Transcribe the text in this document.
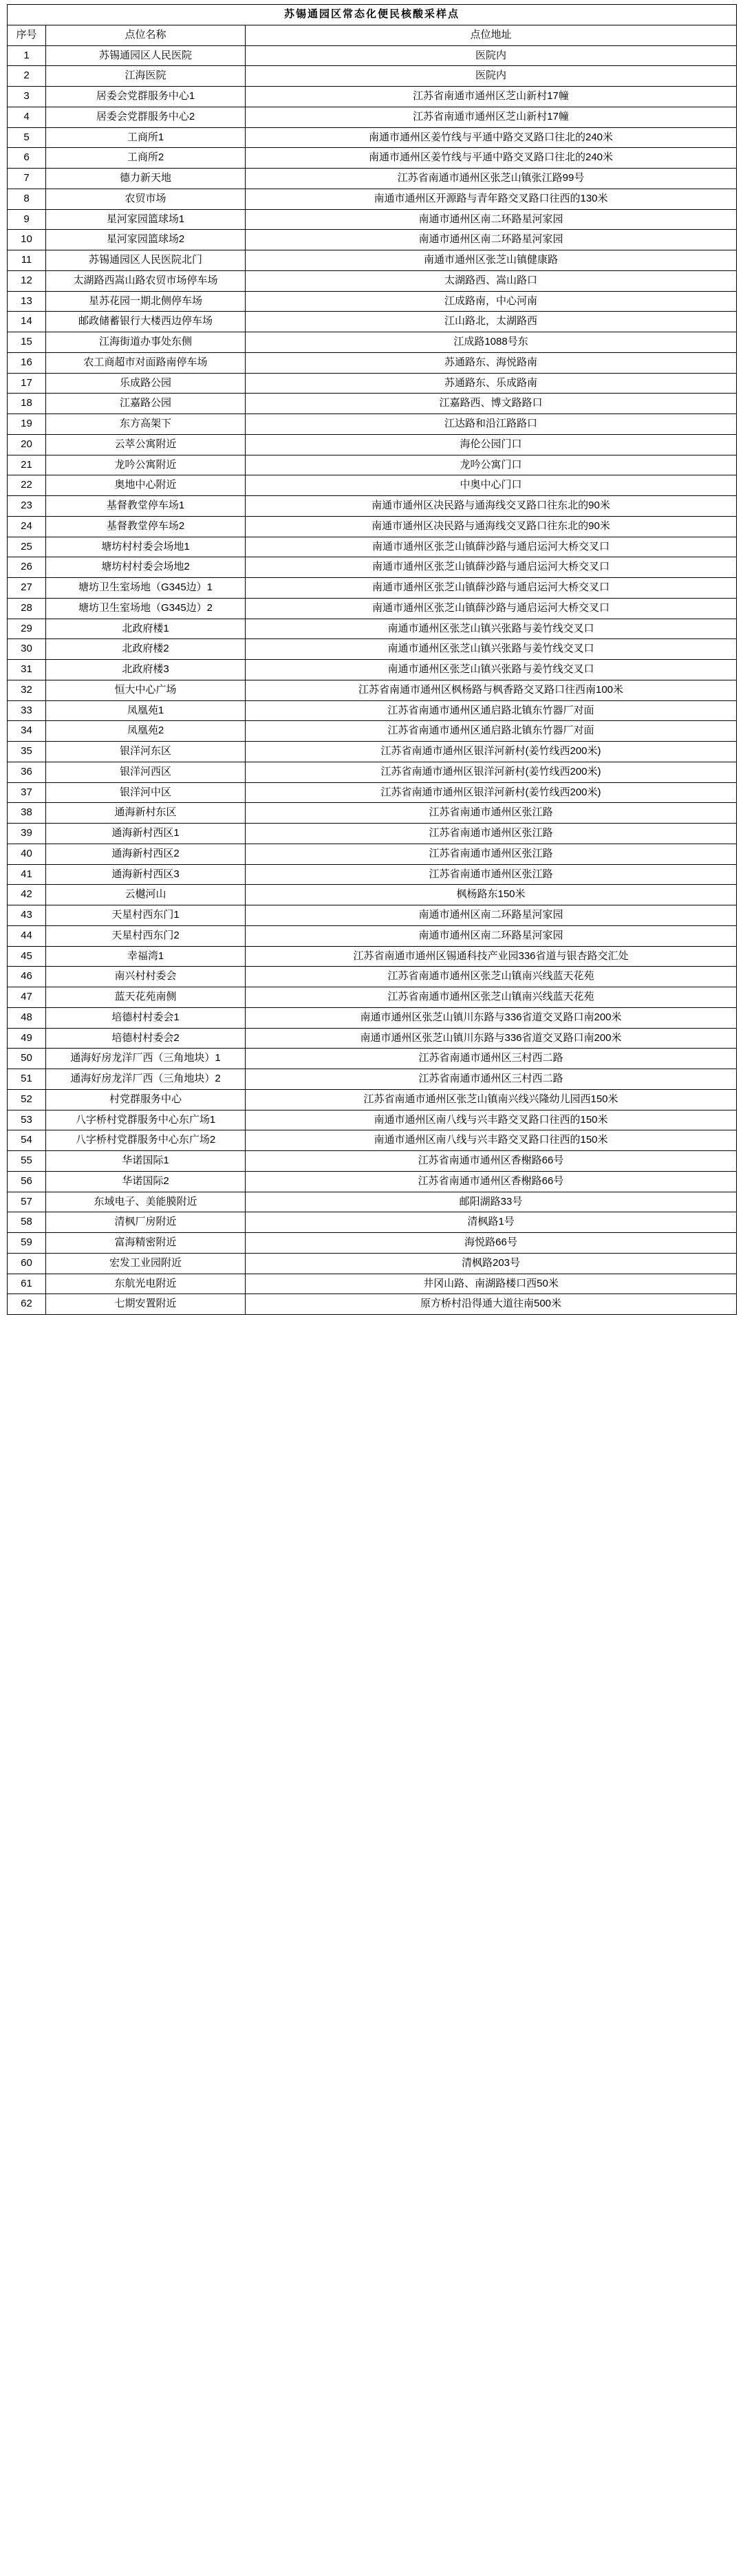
苏锡通园区常态化便民核酸采样点		
序号	点位名称	点位地址
1	苏锡通园区人民医院	医院内
2	江海医院	医院内
3	居委会党群服务中心1	江苏省南通市通州区芝山新村17幢
4	居委会党群服务中心2	江苏省南通市通州区芝山新村17幢
5	工商所1	南通市通州区姜竹线与平通中路交叉路口往北的240米
6	工商所2	南通市通州区姜竹线与平通中路交叉路口往北的240米
7	德力新天地	江苏省南通市通州区张芝山镇张江路99号
8	农贸市场	南通市通州区开源路与青年路交叉路口往西的130米
9	星河家园篮球场1	南通市通州区南二环路星河家园
10	星河家园篮球场2	南通市通州区南二环路星河家园
11	苏锡通园区人民医院北门	南通市通州区张芝山镇健康路
12	太湖路西嵩山路农贸市场停车场	太湖路西、嵩山路口
13	星苏花园一期北侧停车场	江成路南，中心河南
14	邮政储蓄银行大楼西边停车场	江山路北，太湖路西
15	江海街道办事处东侧	江成路1088号东
16	农工商超市对面路南停车场	苏通路东、海悦路南
17	乐成路公园	苏通路东、乐成路南
18	江嘉路公园	江嘉路西、博文路路口
19	东方高架下	江达路和沿江路路口
20	云萃公寓附近	海伦公园门口
21	龙吟公寓附近	龙吟公寓门口
22	奥地中心附近	中奥中心门口
23	基督教堂停车场1	南通市通州区决民路与通海线交叉路口往东北的90米
24	基督教堂停车场2	南通市通州区决民路与通海线交叉路口往东北的90米
25	塘坊村村委会场地1	南通市通州区张芝山镇薛沙路与通启运河大桥交叉口
26	塘坊村村委会场地2	南通市通州区张芝山镇薛沙路与通启运河大桥交叉口
27	塘坊卫生室场地（G345边）1	南通市通州区张芝山镇薛沙路与通启运河大桥交叉口
28	塘坊卫生室场地（G345边）2	南通市通州区张芝山镇薛沙路与通启运河大桥交叉口
29	北政府楼1	南通市通州区张芝山镇兴张路与姜竹线交叉口
30	北政府楼2	南通市通州区张芝山镇兴张路与姜竹线交叉口
31	北政府楼3	南通市通州区张芝山镇兴张路与姜竹线交叉口
32	恒大中心广场	江苏省南通市通州区枫杨路与枫香路交叉路口往西南100米
33	凤凰苑1	江苏省南通市通州区通启路北镇东竹器厂对面
34	凤凰苑2	江苏省南通市通州区通启路北镇东竹器厂对面
35	银洋河东区	江苏省南通市通州区银洋河新村(姜竹线西200米)
36	银洋河西区	江苏省南通市通州区银洋河新村(姜竹线西200米)
37	银洋河中区	江苏省南通市通州区银洋河新村(姜竹线西200米)
38	通海新村东区	江苏省南通市通州区张江路
39	通海新村西区1	江苏省南通市通州区张江路
40	通海新村西区2	江苏省南通市通州区张江路
41	通海新村西区3	江苏省南通市通州区张江路
42	云樾河山	枫杨路东150米
43	天星村西东门1	南通市通州区南二环路星河家园
44	天星村西东门2	南通市通州区南二环路星河家园
45	幸福湾1	江苏省南通市通州区锡通科技产业园336省道与银杏路交汇处
46	南兴村村委会	江苏省南通市通州区张芝山镇南兴线蓝天花苑
47	蓝天花苑南侧	江苏省南通市通州区张芝山镇南兴线蓝天花苑
48	培德村村委会1	南通市通州区张芝山镇川东路与336省道交叉路口南200米
49	培德村村委会2	南通市通州区张芝山镇川东路与336省道交叉路口南200米
50	通海好房龙洋厂西（三角地块）1	江苏省南通市通州区三村西二路
51	通海好房龙洋厂西（三角地块）2	江苏省南通市通州区三村西二路
52	村党群服务中心	江苏省南通市通州区张芝山镇南兴线兴隆幼儿园西150米
53	八字桥村党群服务中心东广场1	南通市通州区南八线与兴丰路交叉路口往西的150米
54	八字桥村党群服务中心东广场2	南通市通州区南八线与兴丰路交叉路口往西的150米
55	华诺国际1	江苏省南通市通州区香榭路66号
56	华诺国际2	江苏省南通市通州区香榭路66号
57	东域电子、美能膜附近	邮阳湖路33号
58	清枫厂房附近	清枫路1号
59	富海精密附近	海悦路66号
60	宏发工业园附近	清枫路203号
61	东航光电附近	井冈山路、南湖路楼口西50米
62	七期安置附近	原方桥村沿得通大道往南500米
